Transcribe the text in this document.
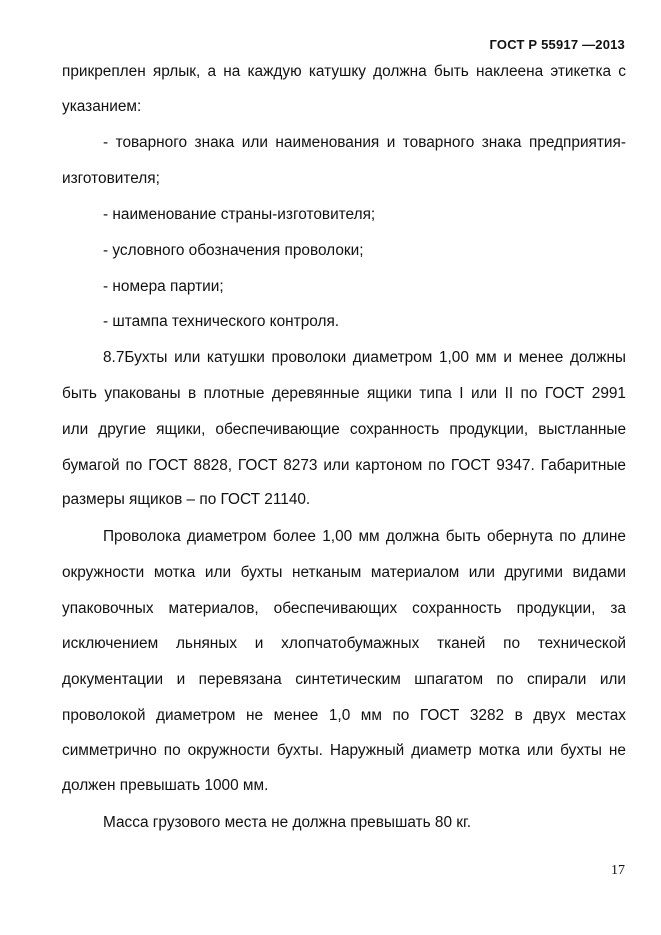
ГОСТ Р 55917 —2013
прикреплен ярлык, а на каждую катушку должна быть наклеена этикетка с
указанием:
- товарного знака или наименования и товарного знака предприятия-
изготовителя;
- наименование страны-изготовителя;
- условного обозначения проволоки;
- номера партии;
- штампа технического контроля.
8.7Бухты или катушки проволоки диаметром 1,00 мм и менее должны
быть упакованы в плотные деревянные ящики типа I или II по ГОСТ 2991
или другие ящики, обеспечивающие сохранность продукции, выстланные
бумагой по ГОСТ 8828, ГОСТ 8273 или картоном по ГОСТ 9347. Габаритные
размеры ящиков – по ГОСТ 21140.
Проволока диаметром более 1,00 мм должна быть обернута по длине
окружности мотка или бухты нетканым материалом или другими видами
упаковочных материалов, обеспечивающих сохранность продукции, за
исключением льняных и хлопчатобумажных тканей по технической
документации и перевязана синтетическим шпагатом по спирали или
проволокой диаметром не менее 1,0 мм по ГОСТ 3282 в двух местах
симметрично по окружности бухты. Наружный диаметр мотка или бухты не
должен превышать 1000 мм.
Масса грузового места не должна превышать 80 кг.
17
